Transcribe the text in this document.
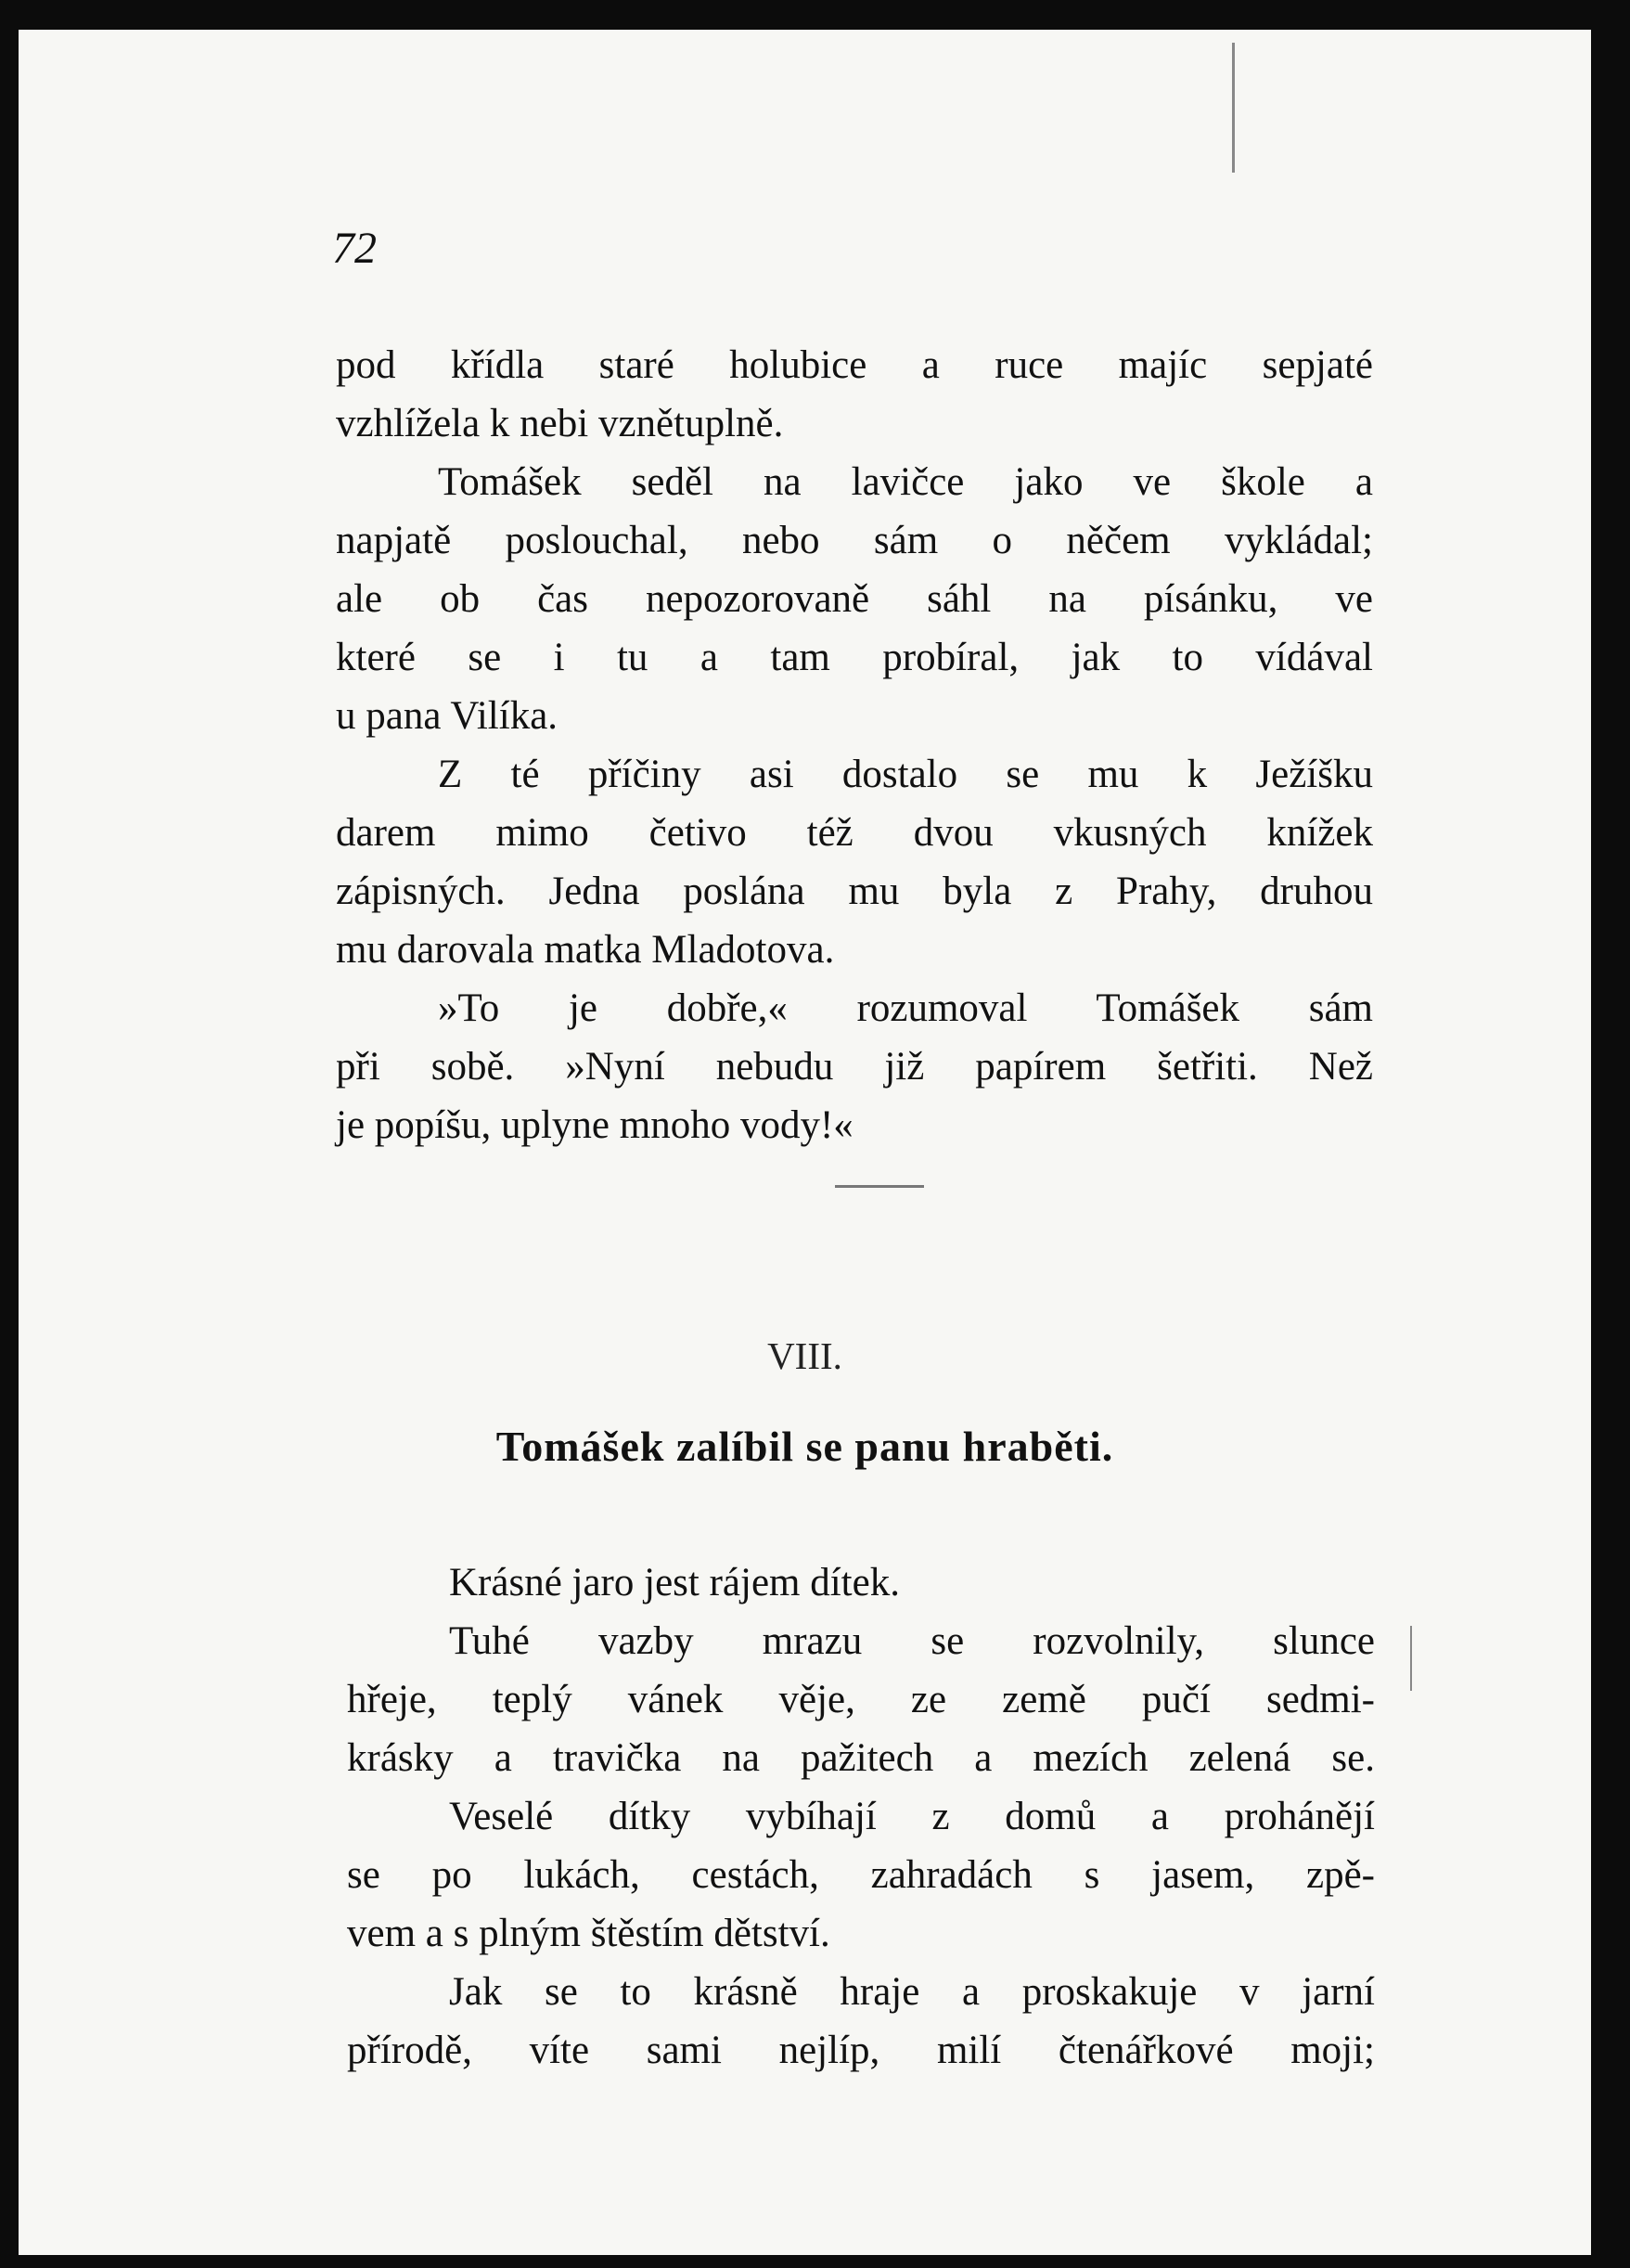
72

pod křídla staré holubice a ruce majíc sepjaté
vzhlížela k nebi vznětuplně.
Tomášek seděl na lavičce jako ve škole a
napjatě poslouchal, nebo sám o něčem vykládal;
ale ob čas nepozorovaně sáhl na písánku, ve
které se i tu a tam probíral, jak to vídával
u pana Vilíka.
Z té příčiny asi dostalo se mu k Ježíšku
darem mimo četivo též dvou vkusných knížek
zápisných. Jedna poslána mu byla z Prahy, druhou
mu darovala matka Mladotova.
»To je dobře,« rozumoval Tomášek sám
při sobě. »Nyní nebudu již papírem šetřiti. Než
je popíšu, uplyne mnoho vody!«

VIII.

Tomášek zalíbil se panu hraběti.

Krásné jaro jest rájem dítek.
Tuhé vazby mrazu se rozvolnily, slunce
hřeje, teplý vánek věje, ze země pučí sedmi-
krásky a travička na pažitech a mezích zelená se.
Veselé dítky vybíhají z domů a prohánějí
se po lukách, cestách, zahradách s jasem, zpě-
vem a s plným štěstím dětství.
Jak se to krásně hraje a proskakuje v jarní
přírodě, víte sami nejlíp, milí čtenářkové moji;
